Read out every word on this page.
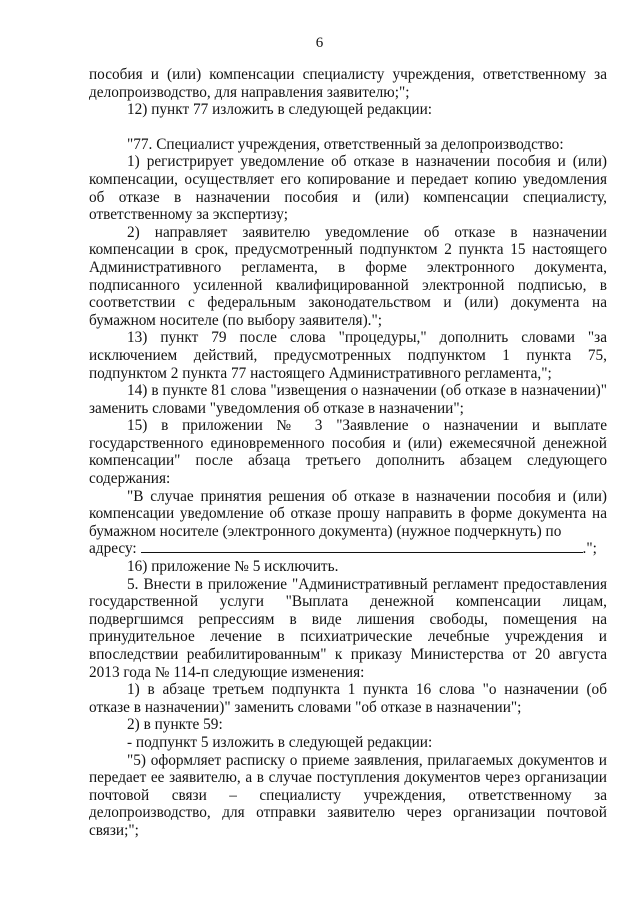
6

пособия и (или) компенсации специалисту учреждения, ответственному за делопроизводство, для направления заявителю;";

12) пункт 77 изложить в следующей редакции:

"77. Специалист учреждения, ответственный за делопроизводство:

1) регистрирует уведомление об отказе в назначении пособия и (или) компенсации, осуществляет его копирование и передает копию уведомления об отказе в назначении пособия и (или) компенсации специалисту, ответственному за экспертизу;

2) направляет заявителю уведомление об отказе в назначении компенсации в срок, предусмотренный подпунктом 2 пункта 15 настоящего Административного регламента, в форме электронного документа, подписанного усиленной квалифицированной электронной подписью, в соответствии с федеральным законодательством и (или) документа на бумажном носителе (по выбору заявителя).";

13) пункт 79 после слова "процедуры," дополнить словами "за исключением действий, предусмотренных подпунктом 1 пункта 75, подпунктом 2 пункта 77 настоящего Административного регламента,";

14) в пункте 81 слова "извещения о назначении (об отказе в назначении)" заменить словами "уведомления об отказе в назначении";

15) в приложении № 3 "Заявление о назначении и выплате государственного единовременного пособия и (или) ежемесячной денежной компенсации" после абзаца третьего дополнить абзацем следующего содержания:

"В случае принятия решения об отказе в назначении пособия и (или) компенсации уведомление об отказе прошу направить в форме документа на бумажном носителе (электронного документа) (нужное подчеркнуть) по

адресу:	.";

16) приложение № 5 исключить.

5. Внести в приложение "Административный регламент предоставления государственной услуги "Выплата денежной компенсации лицам, подвергшимся репрессиям в виде лишения свободы, помещения на принудительное лечение в психиатрические лечебные учреждения и впоследствии реабилитированным" к приказу Министерства от 20 августа 2013 года № 114-п следующие изменения:

1) в абзаце третьем подпункта 1 пункта 16 слова "о назначении (об отказе в назначении)" заменить словами "об отказе в назначении";

2) в пункте 59:

- подпункт 5 изложить в следующей редакции:

"5) оформляет расписку о приеме заявления, прилагаемых документов и передает ее заявителю, а в случае поступления документов через организации почтовой связи – специалисту учреждения, ответственному за делопроизводство, для отправки заявителю через организации почтовой связи;";
